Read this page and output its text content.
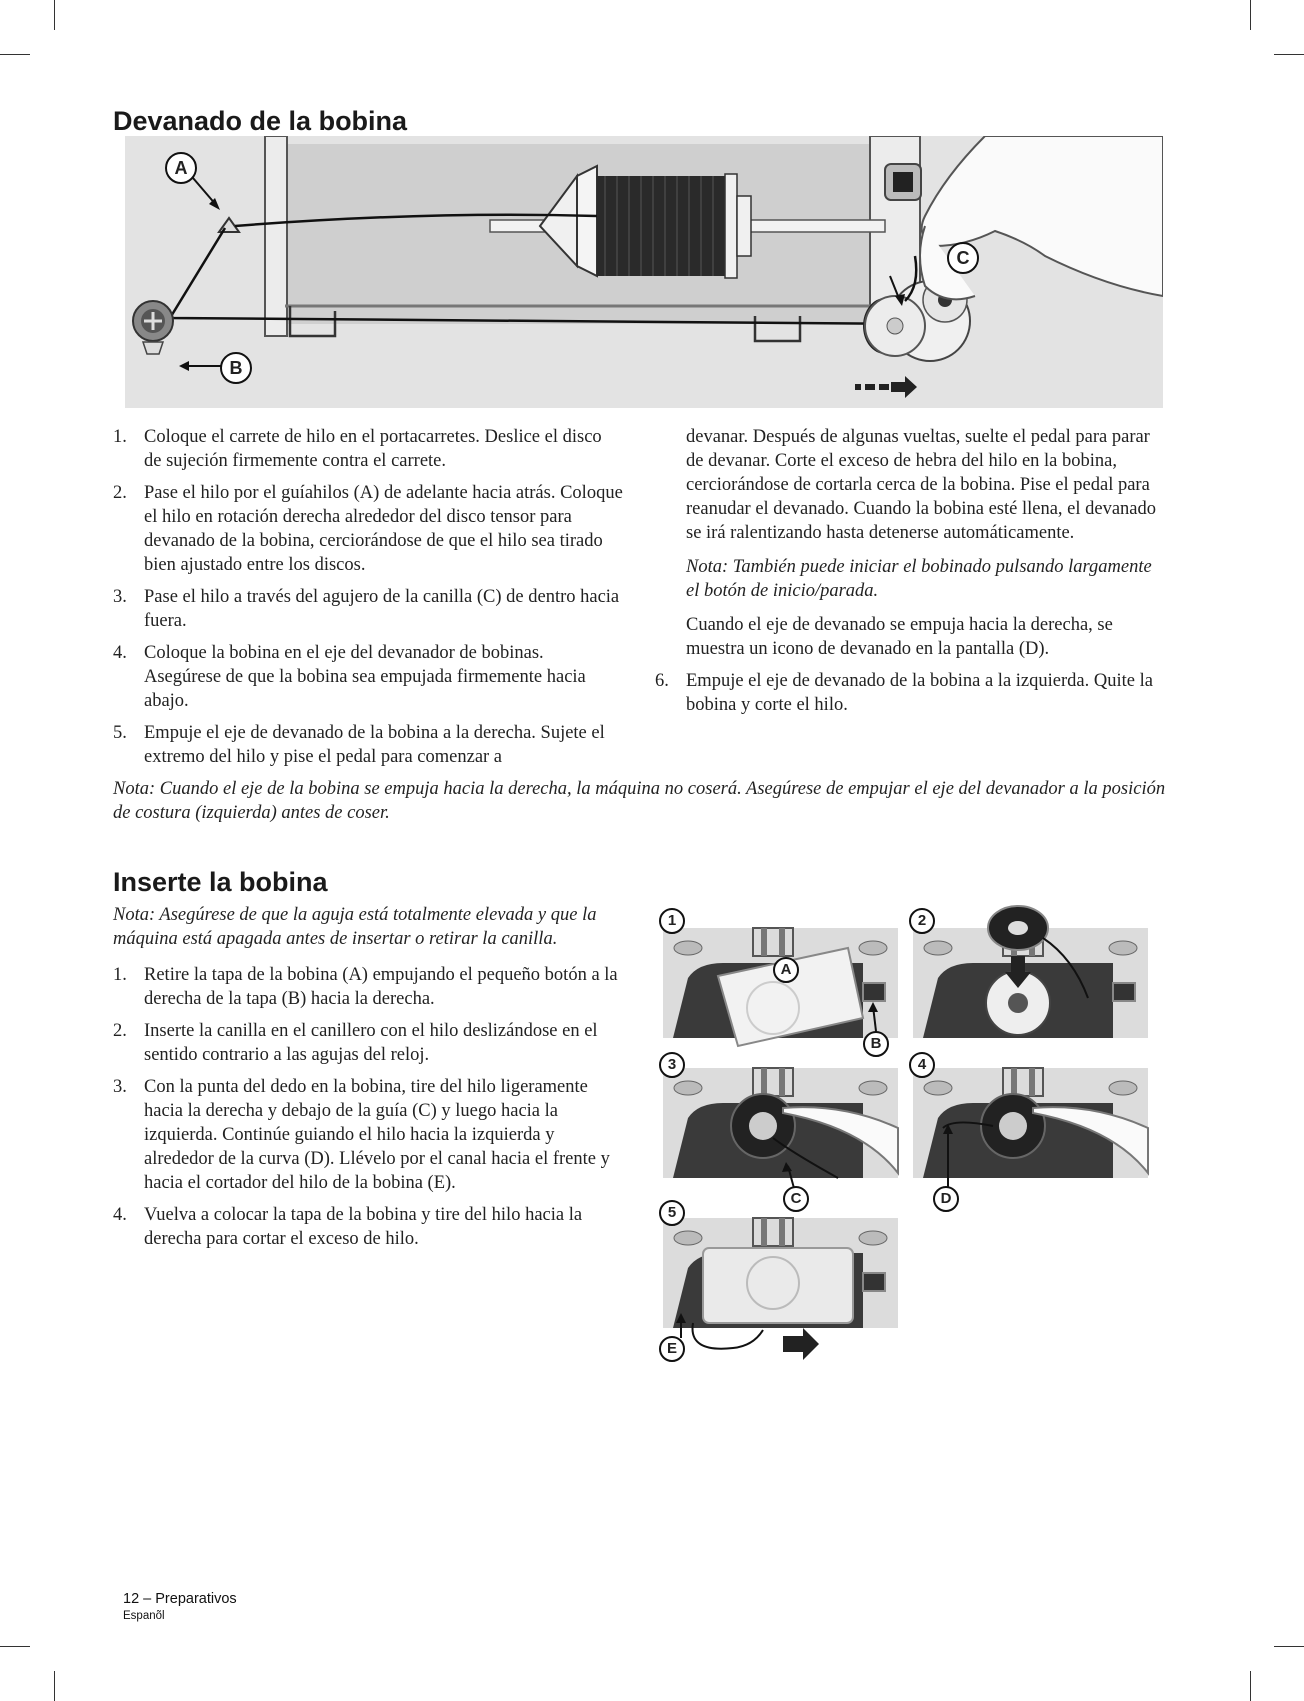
Devanado de la bobina
A
B
C
1. Coloque el carrete de hilo en el portacarretes. Deslice el disco de sujeción firmemente contra el carrete.
2. Pase el hilo por el guíahilos (A) de adelante hacia atrás. Coloque el hilo en rotación derecha alrededor del disco tensor para devanado de la bobina, cerciorándose de que el hilo sea tirado bien ajustado entre los discos.
3. Pase el hilo a través del agujero de la canilla (C) de dentro hacia fuera.
4. Coloque la bobina en el eje del devanador de bobinas. Asegúrese de que la bobina sea empujada firmemente hacia abajo.
5. Empuje el eje de devanado de la bobina a la derecha. Sujete el extremo del hilo y pise el pedal para comenzar a

devanar. Después de algunas vueltas, suelte el pedal para parar de devanar. Corte el exceso de hebra del hilo en la bobina, cerciorándose de cortarla cerca de la bobina. Pise el pedal para reanudar el devanado. Cuando la bobina esté llena, el devanado se irá ralentizando hasta detenerse automáticamente.

Nota: También puede iniciar el bobinado pulsando largamente el botón de inicio/parada.

Cuando el eje de devanado se empuja hacia la derecha, se muestra un icono de devanado en la pantalla (D).

6. Empuje el eje de devanado de la bobina a la izquierda. Quite la bobina y corte el hilo.

Nota: Cuando el eje de la bobina se empuja hacia la derecha, la máquina no coserá. Asegúrese de empujar el eje del devanador a la posición de costura (izquierda) antes de coser.

Inserte la bobina

Nota: Asegúrese de que la aguja está totalmente elevada y que la máquina está apagada antes de insertar o retirar la canilla.

1. Retire la tapa de la bobina (A) empujando el pequeño botón a la derecha de la tapa (B) hacia la derecha.
2. Inserte la canilla en el canillero con el hilo deslizándose en el sentido contrario a las agujas del reloj.
3. Con la punta del dedo en la bobina, tire del hilo ligeramente hacia la derecha y debajo de la guía (C) y luego hacia la izquierda. Continúe guiando el hilo hacia la izquierda y alrededor de la curva (D). Llévelo por el canal hacia el frente y hacia el cortador del hilo de la bobina (E).
4. Vuelva a colocar la tapa de la bobina y tire del hilo hacia la derecha para cortar el exceso de hilo.
1	2
3	4
5
A
B
C	D
E
12 – Preparativos
Espanõl
